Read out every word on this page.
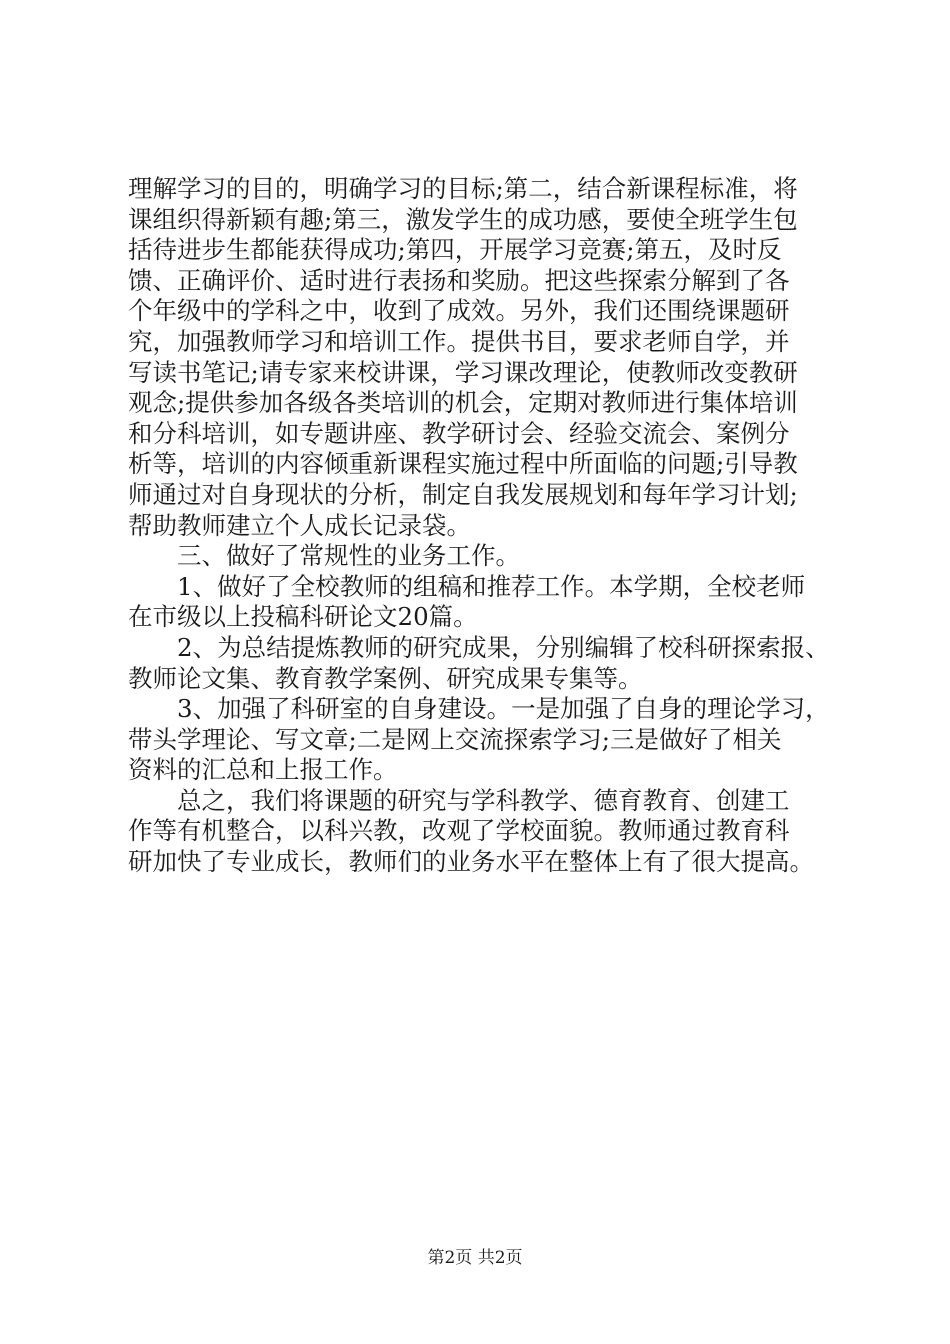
理解学习的目的，明确学习的目标;第二，结合新课程标准，将
课组织得新颖有趣;第三，激发学生的成功感，要使全班学生包
括待进步生都能获得成功;第四，开展学习竞赛;第五，及时反
馈、正确评价、适时进行表扬和奖励。把这些探索分解到了各
个年级中的学科之中，收到了成效。另外，我们还围绕课题研
究，加强教师学习和培训工作。提供书目，要求老师自学，并
写读书笔记;请专家来校讲课，学习课改理论，使教师改变教研
观念;提供参加各级各类培训的机会，定期对教师进行集体培训
和分科培训，如专题讲座、教学研讨会、经验交流会、案例分
析等，培训的内容倾重新课程实施过程中所面临的问题;引导教
师通过对自身现状的分析，制定自我发展规划和每年学习计划;
帮助教师建立个人成长记录袋。
　　三、做好了常规性的业务工作。
　　1、做好了全校教师的组稿和推荐工作。本学期，全校老师
在市级以上投稿科研论文20篇。
　　2、为总结提炼教师的研究成果，分别编辑了校科研探索报、
教师论文集、教育教学案例、研究成果专集等。
　　3、加强了科研室的自身建设。一是加强了自身的理论学习，
带头学理论、写文章;二是网上交流探索学习;三是做好了相关
资料的汇总和上报工作。
　　总之，我们将课题的研究与学科教学、德育教育、创建工
作等有机整合，以科兴教，改观了学校面貌。教师通过教育科
研加快了专业成长，教师们的业务水平在整体上有了很大提高。
第2页 共2页
